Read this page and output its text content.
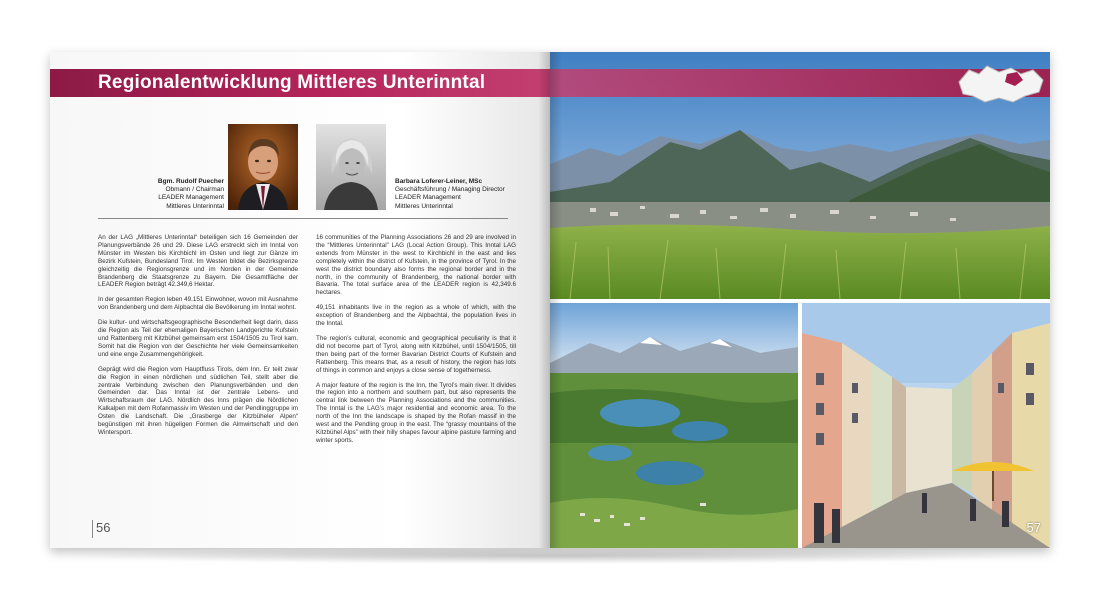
Regionalentwicklung Mittleres Unterinntal
Bgm. Rudolf Puecher
Obmann / Chairman
LEADER Management
Mittleres Unterinntal
Barbara Loferer-Leiner, MSc
Geschäftsführung / Managing Director
LEADER Management
Mittleres Unterinntal

An der LAG „Mittleres Unterinntal“ beteiligen sich 16 Gemeinden der Planungsverbände 26 und 29. Diese LAG erstreckt sich im Inntal von Münster im Westen bis Kirchbichl im Osten und liegt zur Gänze im Bezirk Kufstein, Bundesland Tirol. Im Westen bildet die Bezirksgrenze gleichzeitig die Regionsgrenze und im Norden in der Gemeinde Brandenberg die Staatsgrenze zu Bayern. Die Gesamtfläche der LEADER Region beträgt 42.349,6 Hektar.

In der gesamten Region leben 49.151 Einwohner, wovon mit Ausnahme von Brandenberg und dem Alpbachtal die Bevölkerung im Inntal wohnt.

Die kultur- und wirtschaftsgeographische Besonderheit liegt darin, dass die Region als Teil der ehemaligen Bayerischen Landgerichte Kufstein und Rattenberg mit Kitzbühel gemeinsam erst 1504/1505 zu Tirol kam. Somit hat die Region von der Geschichte her viele Gemeinsamkeiten und eine enge Zusammengehörigkeit.

Geprägt wird die Region vom Hauptfluss Tirols, dem Inn. Er teilt zwar die Region in einen nördlichen und südlichen Teil, stellt aber die zentrale Verbindung zwischen den Planungsverbänden und den Gemeinden dar. Das Inntal ist der zentrale Lebens- und Wirtschaftsraum der LAG. Nördlich des Inns prägen die Nördlichen Kalkalpen mit dem Rofanmassiv im Westen und der Pendlinggruppe im Osten die Landschaft. Die „Grasberge der Kitzbüheler Alpen“ begünstigen mit ihren hügeligen Formen die Almwirtschaft und den Wintersport.

16 communities of the Planning Associations 26 and 29 are involved in the “Mittleres Unterinntal” LAG (Local Action Group). This Inntal LAG extends from Münster in the west to Kirchbichl in the east and lies completely within the district of Kufstein, in the province of Tyrol. In the west the district boundary also forms the regional border and in the north, in the community of Brandenberg, the national border with Bavaria. The total surface area of the LEADER region is 42,349.6 hectares.

49,151 inhabitants live in the region as a whole of which, with the exception of Brandenberg and the Alpbachtal, the population lives in the Inntal.

The region’s cultural, economic and geographical peculiarity is that it did not become part of Tyrol, along with Kitzbühel, until 1504/1505, till then being part of the former Bavarian District Courts of Kufstein and Rattenberg. This means that, as a result of history, the region has lots of things in common and enjoys a close sense of togetherness.

A major feature of the region is the Inn, the Tyrol’s main river. It divides the region into a northern and southern part, but also represents the central link between the Planning Associations and the communities. The Inntal is the LAG’s major residential and economic area. To the north of the Inn the landscape is shaped by the Rofan massif in the west and the Pendling group in the east. The “grassy mountains of the Kitzbühel Alps” with their hilly shapes favour alpine pasture farming and winter sports.

56	57
